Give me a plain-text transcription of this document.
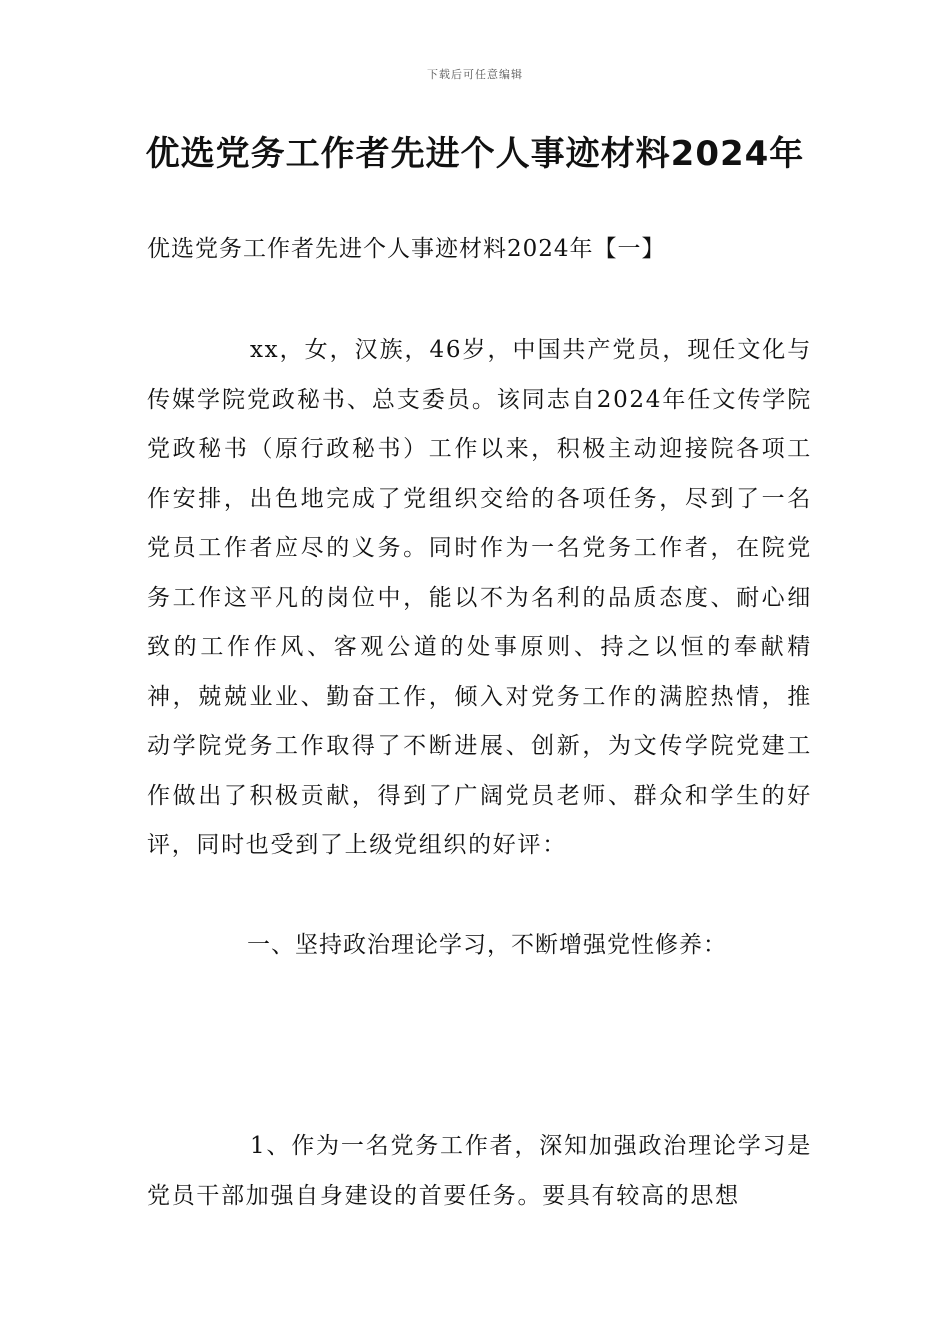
下载后可任意编辑
优选党务工作者先进个人事迹材料2024年
优选党务工作者先进个人事迹材料2024年【一】
xx，女，汉族，46岁，中国共产党员，现任文化与传媒学院党政秘书、总支委员。该同志自2024年任文传学院党政秘书（原行政秘书）工作以来，积极主动迎接院各项工作安排，出色地完成了党组织交给的各项任务，尽到了一名党员工作者应尽的义务。同时作为一名党务工作者，在院党务工作这平凡的岗位中，能以不为名利的品质态度、耐心细致的工作作风、客观公道的处事原则、持之以恒的奉献精神，兢兢业业、勤奋工作，倾入对党务工作的满腔热情，推动学院党务工作取得了不断进展、创新，为文传学院党建工作做出了积极贡献，得到了广阔党员老师、群众和学生的好评，同时也受到了上级党组织的好评：
一、坚持政治理论学习，不断增强党性修养：
1、作为一名党务工作者，深知加强政治理论学习是党员干部加强自身建设的首要任务。要具有较高的思想
